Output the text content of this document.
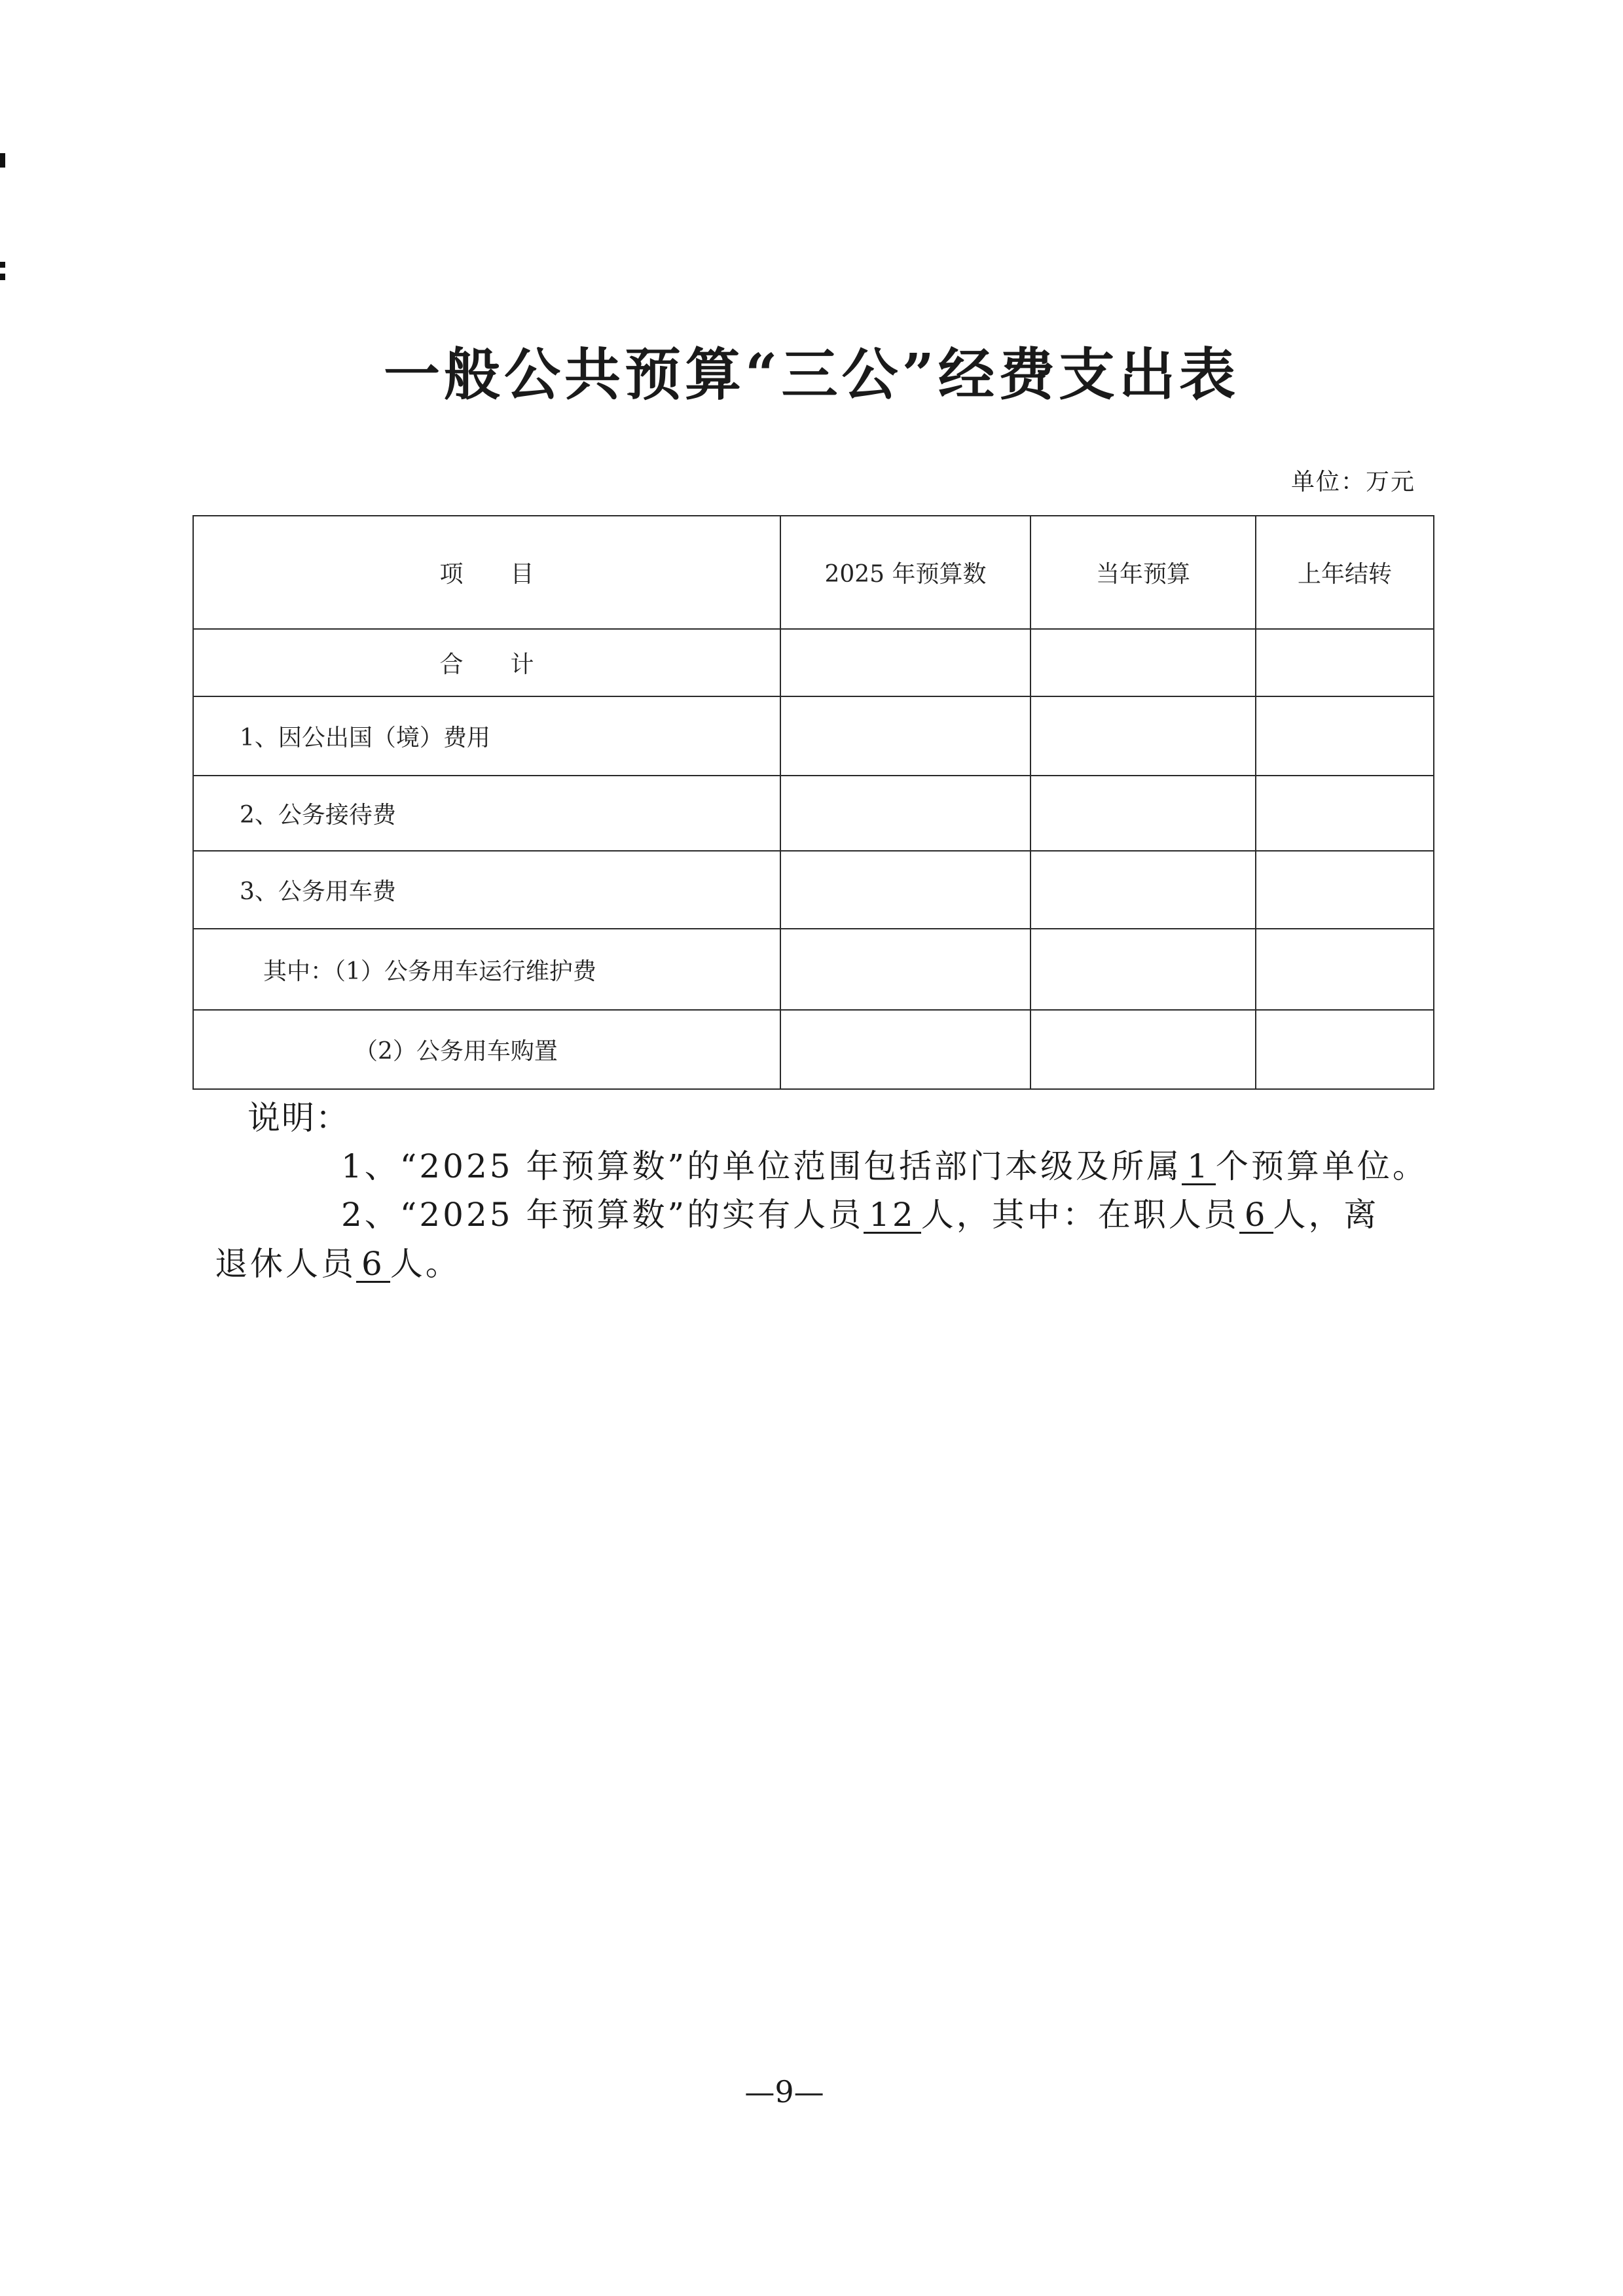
一般公共预算“三公”经费支出表
单位：万元
项　　目	2025 年预算数	当年预算	上年结转
合　　计			
1、因公出国（境）费用			
2、公务接待费			
3、公务用车费			
其中：（1）公务用车运行维护费			
（2）公务用车购置			
说明：
1、“2025 年预算数”的单位范围包括部门本级及所属 1 个预算单位。
2、“2025 年预算数”的实有人员 12 人，其中：在职人员 6 人，离
退休人员 6 人。
—9—
